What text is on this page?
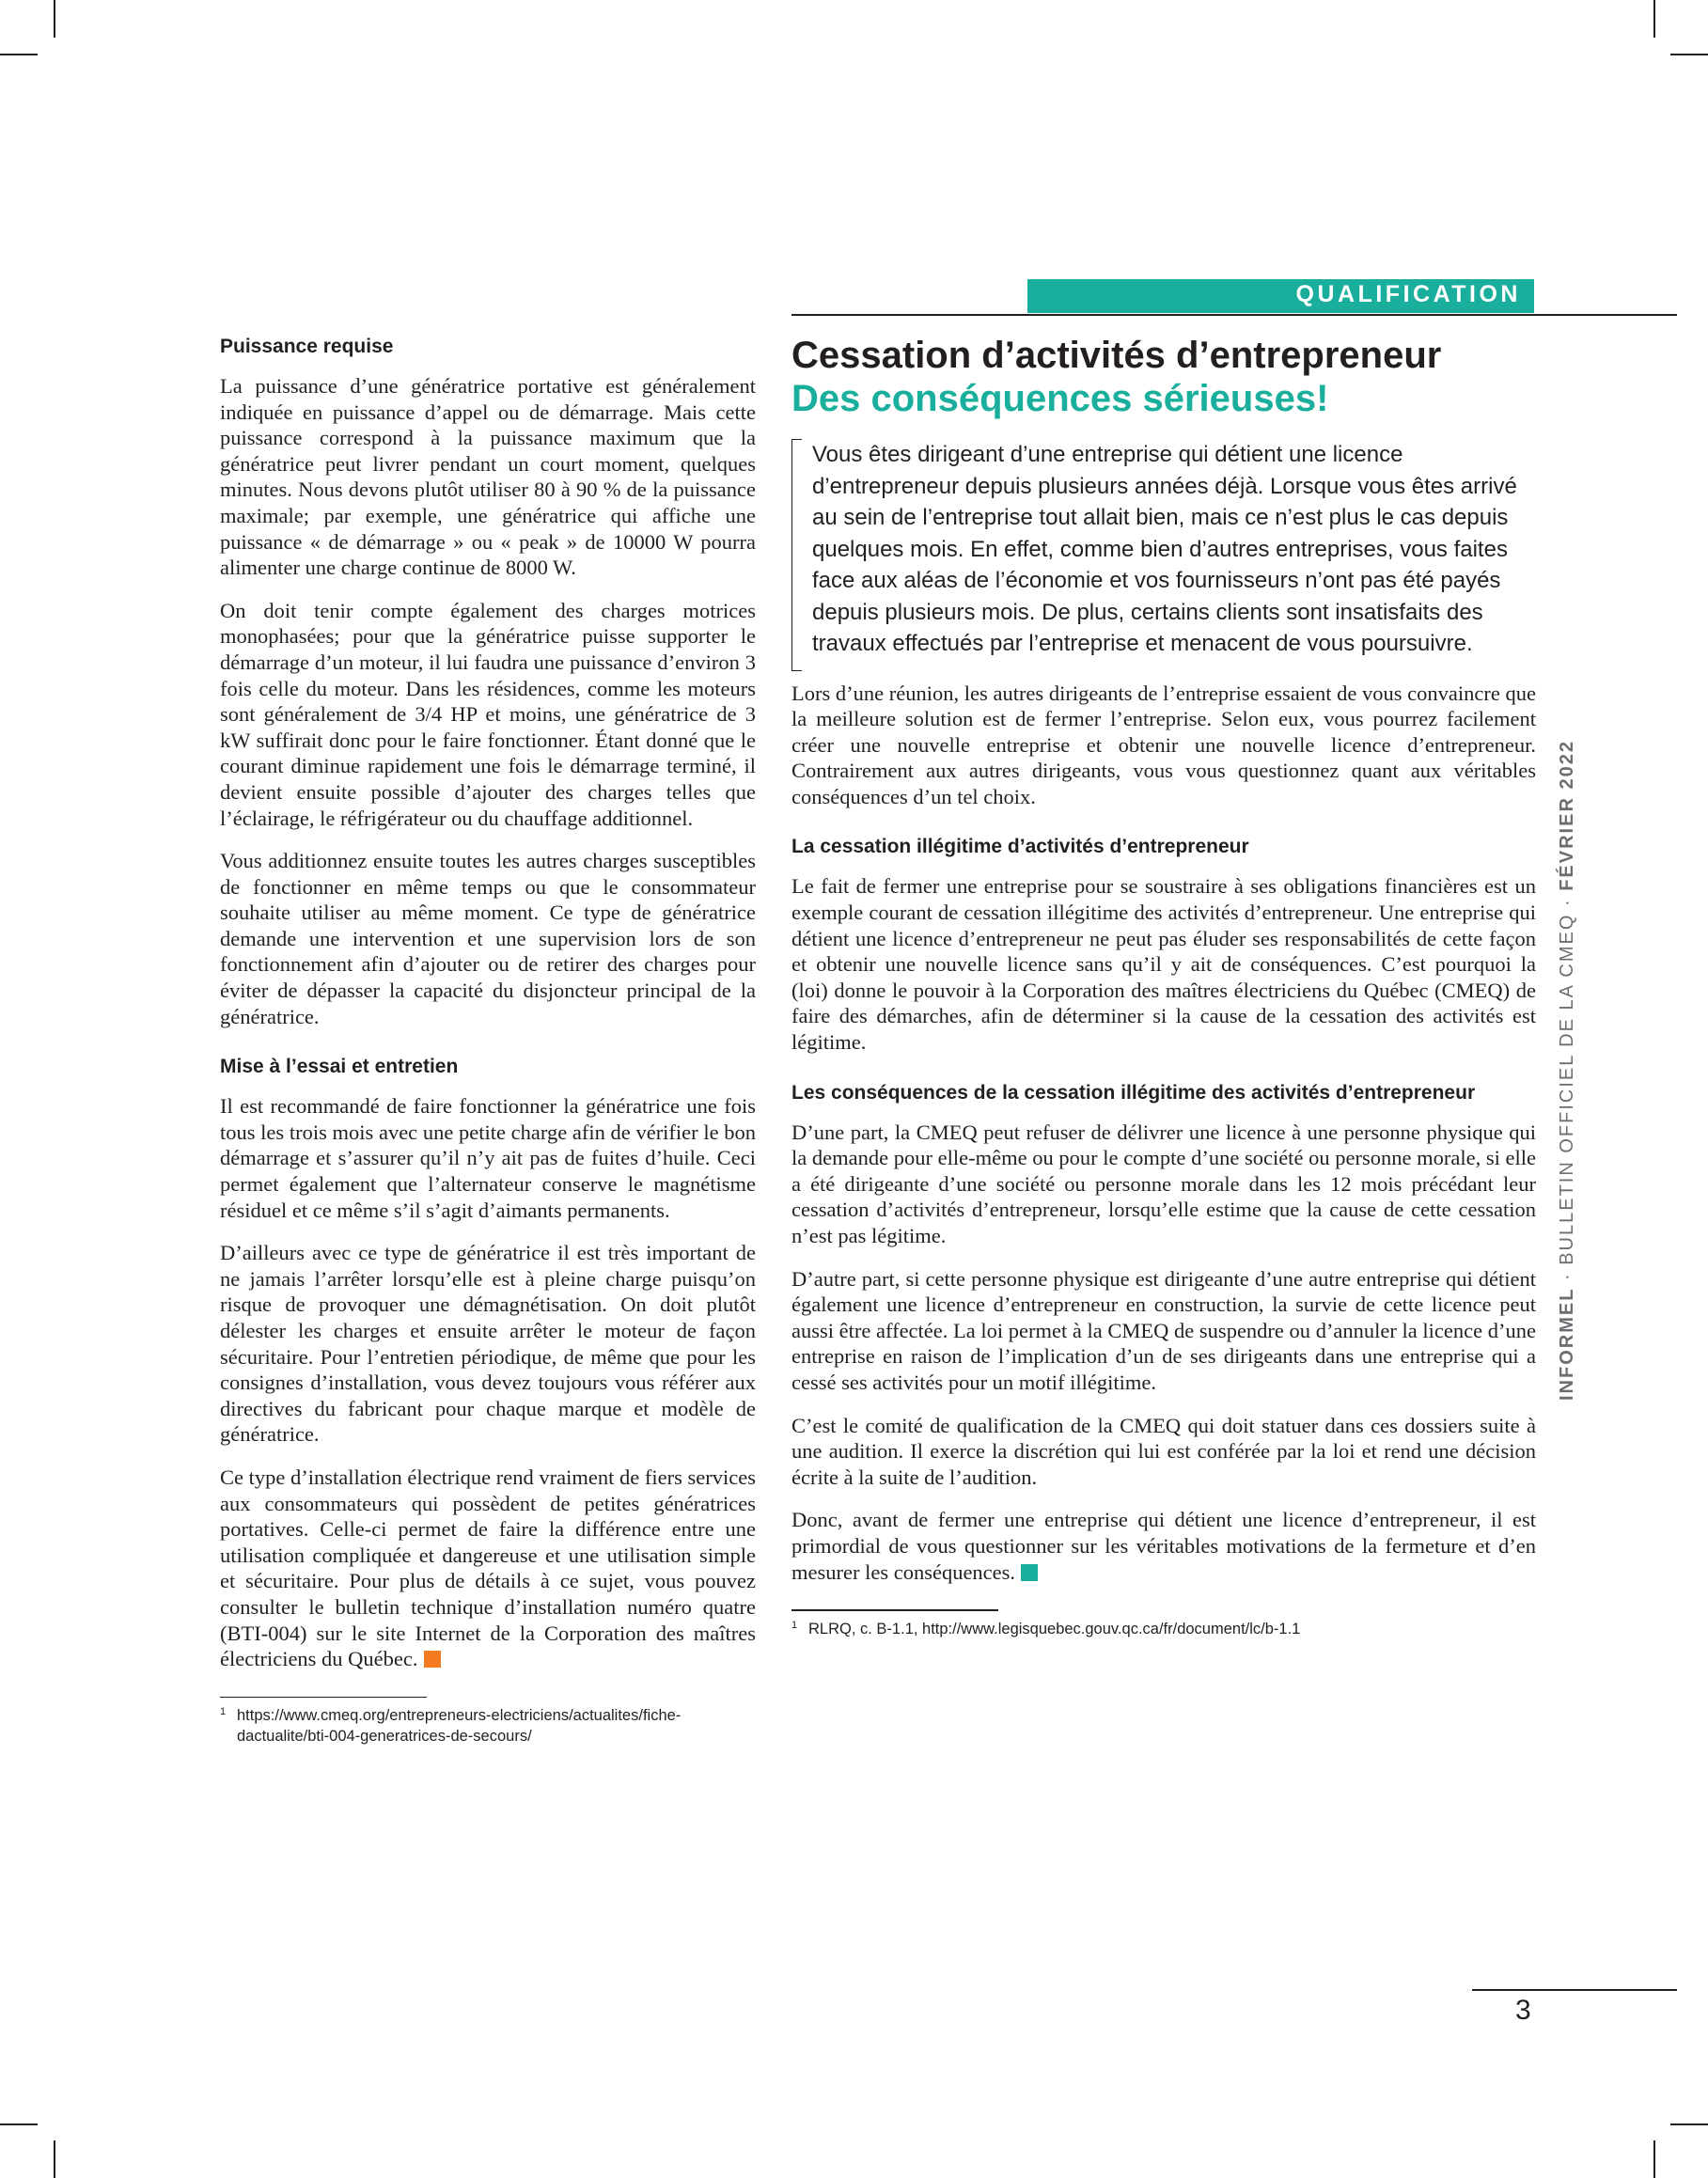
QUALIFICATION
Puissance requise

La puissance d’une génératrice portative est généralement indiquée en puissance d’appel ou de démarrage. Mais cette puissance correspond à la puissance maximum que la génératrice peut livrer pendant un court moment, quelques minutes. Nous devons plutôt utiliser 80 à 90 % de la puissance maximale; par exemple, une génératrice qui affiche une puissance « de démarrage » ou « peak » de 10000 W pourra alimenter une charge continue de 8000 W.

On doit tenir compte également des charges motrices monophasées; pour que la génératrice puisse supporter le démarrage d’un moteur, il lui faudra une puissance d’environ 3 fois celle du moteur. Dans les résidences, comme les moteurs sont généralement de 3/4 HP et moins, une génératrice de 3 kW suffirait donc pour le faire fonctionner. Étant donné que le courant diminue rapidement une fois le démarrage terminé, il devient ensuite possible d’ajouter des charges telles que l’éclairage, le réfrigérateur ou du chauffage additionnel.

Vous additionnez ensuite toutes les autres charges susceptibles de fonctionner en même temps ou que le consommateur souhaite utiliser au même moment. Ce type de génératrice demande une intervention et une supervision lors de son fonctionnement afin d’ajouter ou de retirer des charges pour éviter de dépasser la capacité du disjoncteur principal de la génératrice.

Mise à l’essai et entretien

Il est recommandé de faire fonctionner la génératrice une fois tous les trois mois avec une petite charge afin de vérifier le bon démarrage et s’assurer qu’il n’y ait pas de fuites d’huile. Ceci permet également que l’alternateur conserve le magnétisme résiduel et ce même s’il s’agit d’aimants permanents.

D’ailleurs avec ce type de génératrice il est très important de ne jamais l’arrêter lorsqu’elle est à pleine charge puisqu’on risque de provoquer une démagnétisation. On doit plutôt délester les charges et ensuite arrêter le moteur de façon sécuritaire. Pour l’entretien périodique, de même que pour les consignes d’installation, vous devez toujours vous référer aux directives du fabricant pour chaque marque et modèle de génératrice.

Ce type d’installation électrique rend vraiment de fiers services aux consommateurs qui possèdent de petites génératrices portatives. Celle-ci permet de faire la différence entre une utilisation compliquée et dangereuse et une utilisation simple et sécuritaire. Pour plus de détails à ce sujet, vous pouvez consulter le bulletin technique d’installation numéro quatre (BTI-004) sur le site Internet de la Corporation des maîtres électriciens du Québec.

1 https://www.cmeq.org/entrepreneurs-electriciens/actualites/fiche-dactualite/bti-004-generatrices-de-secours/
Cessation d’activités d’entrepreneur
Des conséquences sérieuses!
Vous êtes dirigeant d’une entreprise qui détient une licence d’entrepreneur depuis plusieurs années déjà. Lorsque vous êtes arrivé au sein de l’entreprise tout allait bien, mais ce n’est plus le cas depuis quelques mois. En effet, comme bien d’autres entreprises, vous faites face aux aléas de l’économie et vos fournisseurs n’ont pas été payés depuis plusieurs mois. De plus, certains clients sont insatisfaits des travaux effectués par l’entreprise et menacent de vous poursuivre.

Lors d’une réunion, les autres dirigeants de l’entreprise essaient de vous convaincre que la meilleure solution est de fermer l’entreprise. Selon eux, vous pourrez facilement créer une nouvelle entreprise et obtenir une nouvelle licence d’entrepreneur. Contrairement aux autres dirigeants, vous vous questionnez quant aux véritables conséquences d’un tel choix.

La cessation illégitime d’activités d’entrepreneur

Le fait de fermer une entreprise pour se soustraire à ses obligations financières est un exemple courant de cessation illégitime des activités d’entrepreneur. Une entreprise qui détient une licence d’entrepreneur ne peut pas éluder ses responsabilités de cette façon et obtenir une nouvelle licence sans qu’il y ait de conséquences. C’est pourquoi la                        (loi) donne le pouvoir à la Corporation des maîtres électriciens du Québec (CMEQ) de faire des démarches, afin de déterminer si la cause de la cessation des activités est légitime.

Les conséquences de la cessation illégitime des activités d’entrepreneur

D’une part, la CMEQ peut refuser de délivrer une licence à une personne physique qui la demande pour elle-même ou pour le compte d’une société ou personne morale, si elle a été dirigeante d’une société ou personne morale dans les 12 mois précédant leur cessation d’activités d’entrepreneur, lorsqu’elle estime que la cause de cette cessation n’est pas légitime.

D’autre part, si cette personne physique est dirigeante d’une autre entreprise qui détient également une licence d’entrepreneur en construction, la survie de cette licence peut aussi être affectée. La loi permet à la CMEQ de suspendre ou d’annuler la licence d’une entreprise en raison de l’implication d’un de ses dirigeants dans une entreprise qui a cessé ses activités pour un motif illégitime.

C’est le comité de qualification de la CMEQ qui doit statuer dans ces dossiers suite à une audition. Il exerce la discrétion qui lui est conférée par la loi et rend une décision écrite à la suite de l’audition.

Donc, avant de fermer une entreprise qui détient une licence d’entrepreneur, il est primordial de vous questionner sur les véritables motivations de la fermeture et d’en mesurer les conséquences.

1 RLRQ, c. B-1.1, http://www.legisquebec.gouv.qc.ca/fr/document/lc/b-1.1
INFORMEL · BULLETIN OFFICIEL DE LA CMEQ · FÉVRIER 2022
3
